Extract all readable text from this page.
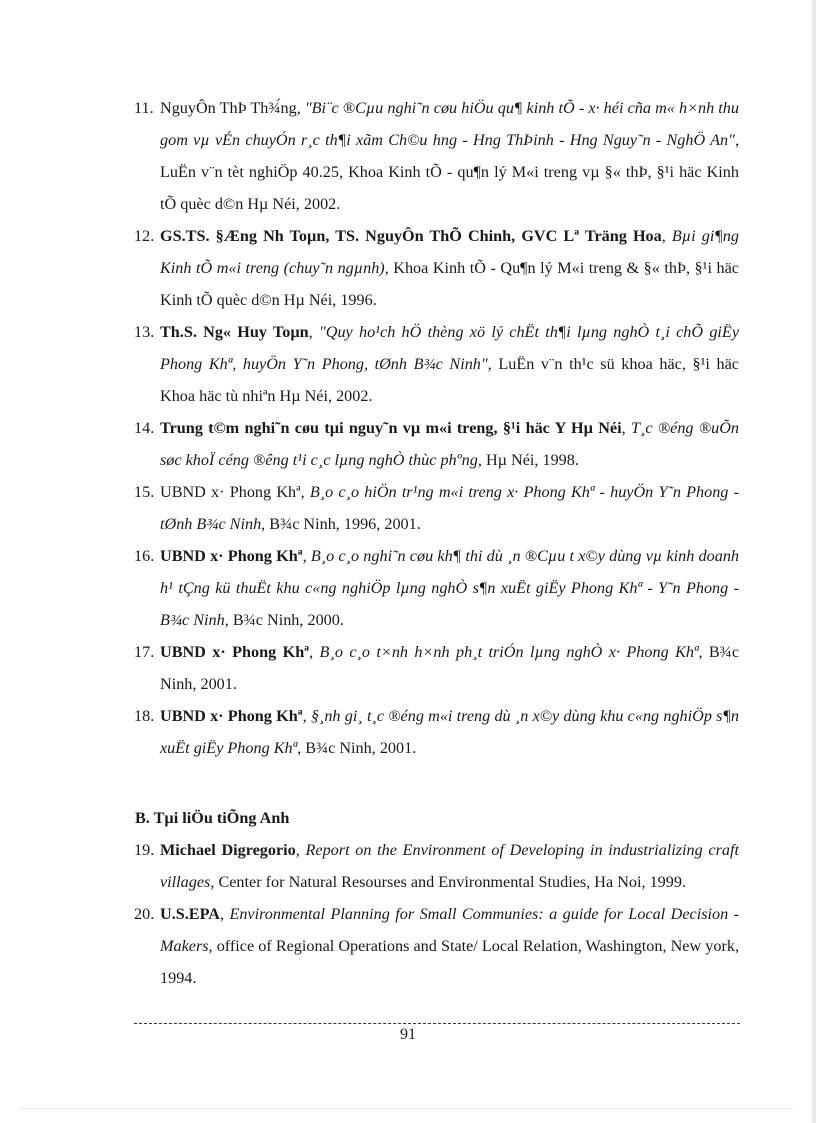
11. NguyÔn ThÞ Th¾́ng, "Bi¨c ®Cµu nghi˜n cøu hiÖu qu¶ kinh tÕ - x· héi cña m« h×nh thu gom vµ vÉn chuyÓn r¸c th¶i xãm Ch©u hng - Hng ThÞinh - Hng Nguy˜n - NghÖ An", LuËn v¨n tèt nghiÖp 40.25, Khoa Kinh tÕ - qu¶n lý M«i treng vµ §« thÞ, §¹i häc Kinh tÕ quèc d©n Hµ Néi, 2002.
12. GS.TS. §Æng Nh Toµn, TS. NguyÔn ThÕ Chinh, GVC Lª Träng Hoa, Bµi gi¶ng Kinh tÕ m«i treng (chuy˜n ngµnh), Khoa Kinh tÕ - Qu¶n lý M«i treng & §« thÞ, §¹i häc Kinh tÕ quèc d©n Hµ Néi, 1996.
13. Th.S. Ng« Huy Toµn, "Quy ho¹ch hÖ thèng xö lý chËt th¶i lµng nghÒ t¸i chÕ giËy Phong Khª, huyÖn Y˜n Phong, tØnh B¾c Ninh", LuËn v¨n th¹c sü khoa häc, §¹i häc Khoa häc tù nhiªn Hµ Néi, 2002.
14. Trung t©m nghi˜n cøu tµi nguy˜n vµ m«i treng, §¹i häc Y Hµ Néi, T¸c ®éng ®uÕn søc khoÏ céng ®êng t¹i c¸c lµng nghÒ thùc phºng, Hµ Néi, 1998.
15. UBND x· Phong Khª, B¸o c¸o hiÖn tr¹ng m«i treng x· Phong Khª - huyÖn Y˜n Phong - tØnh B¾c Ninh, B¾c Ninh, 1996, 2001.
16. UBND x· Phong Khª, B¸o c¸o nghi˜n cøu kh¶ thi dù ¸n ®Cµu t x©y dùng vµ kinh doanh h¹ tÇng kü thuËt khu c«ng nghiÖp lµng nghÒ s¶n xuËt giËy Phong Khª - Y˜n Phong - B¾c Ninh, B¾c Ninh, 2000.
17. UBND x· Phong Khª, B¸o c¸o t×nh h×nh ph¸t triÓn lµng nghÒ x· Phong Khª, B¾c Ninh, 2001.
18. UBND x· Phong Khª, §¸nh gi¸ t¸c ®éng m«i treng dù ¸n x©y dùng khu c«ng nghiÖp s¶n xuËt giËy Phong Khª, B¾c Ninh, 2001.
B. Tµi liÖu tiÕng Anh
19. Michael Digregorio, Report on the Environment of Developing in industrializing craft villages, Center for Natural Resourses and Environmental Studies, Ha Noi, 1999.
20. U.S.EPA, Environmental Planning for Small Communies: a guide for Local Decision - Makers, office of Regional Operations and State/ Local Relation, Washington, New york, 1994.
91
